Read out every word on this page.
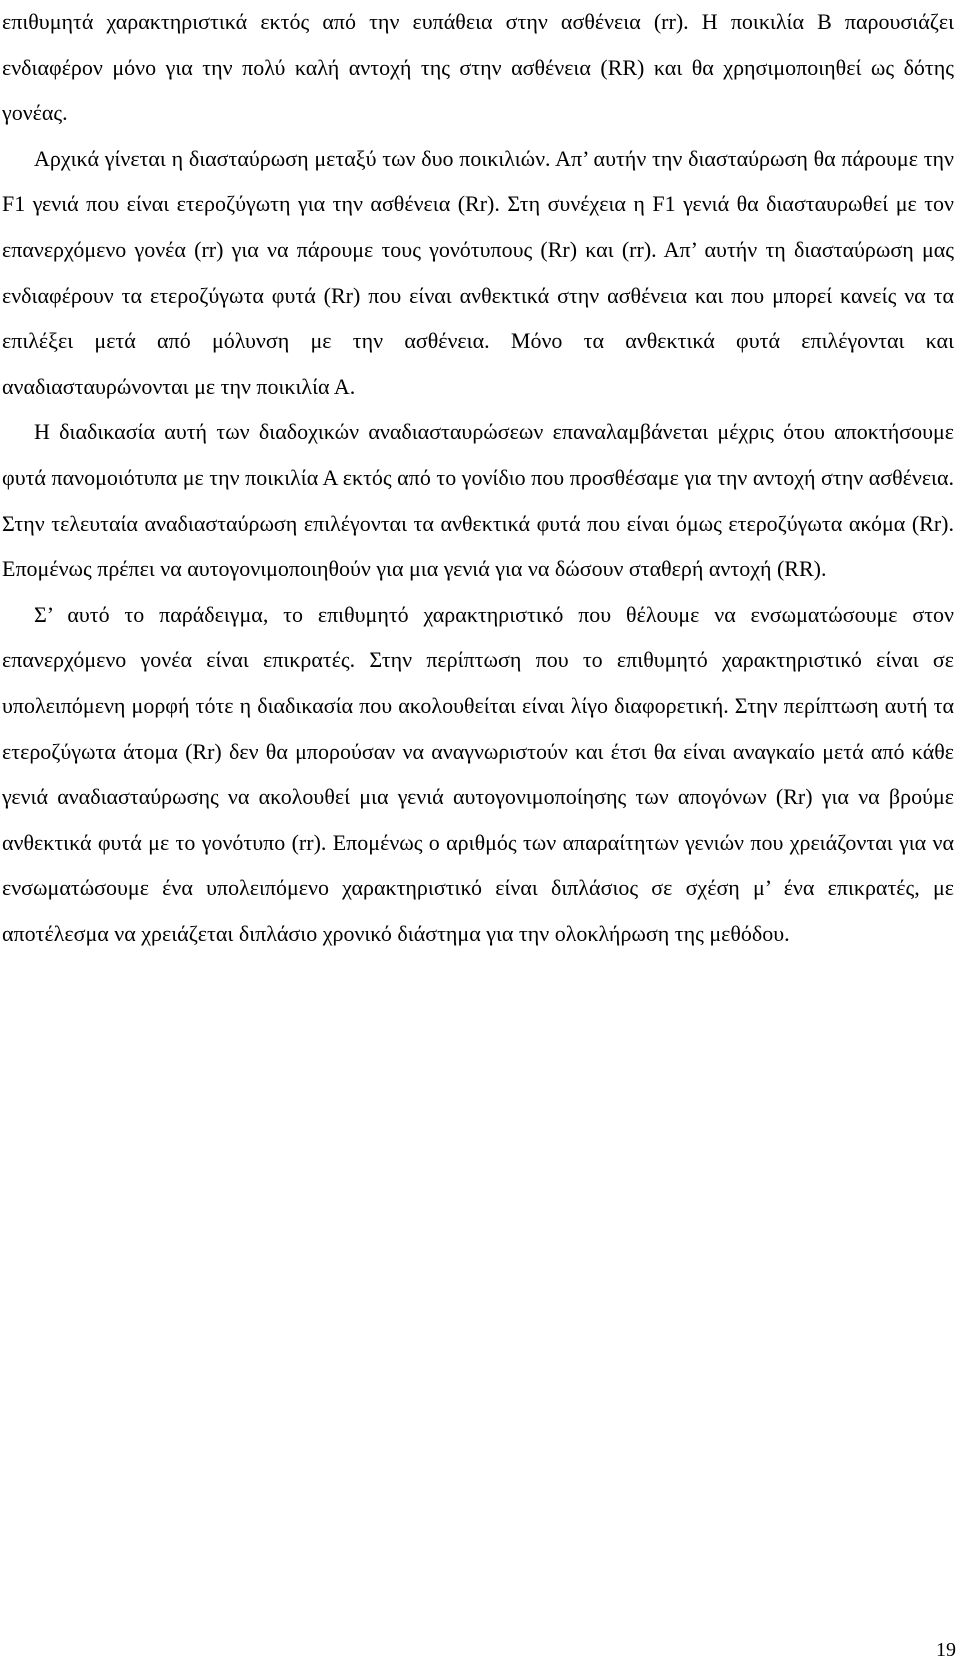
επιθυμητά χαρακτηριστικά εκτός από την ευπάθεια στην ασθένεια (rr). Η ποικιλία Β παρουσιάζει ενδιαφέρον μόνο για την πολύ καλή αντοχή της στην ασθένεια (RR) και θα χρησιμοποιηθεί ως δότης γονέας.

Αρχικά γίνεται η διασταύρωση μεταξύ των δυο ποικιλιών. Απ’ αυτήν την διασταύρωση θα πάρουμε την F1 γενιά που είναι ετεροζύγωτη για την ασθένεια (Rr). Στη συνέχεια η F1 γενιά θα διασταυρωθεί με τον επανερχόμενο γονέα (rr) για να πάρουμε τους γονότυπους (Rr) και (rr). Απ’ αυτήν τη διασταύρωση μας ενδιαφέρουν τα ετεροζύγωτα φυτά (Rr) που είναι ανθεκτικά στην ασθένεια και που μπορεί κανείς να τα επιλέξει μετά από μόλυνση με την ασθένεια. Μόνο τα ανθεκτικά φυτά επιλέγονται και αναδιασταυρώνονται με την ποικιλία Α.

Η διαδικασία αυτή των διαδοχικών αναδιασταυρώσεων επαναλαμβάνεται μέχρις ότου αποκτήσουμε φυτά πανομοιότυπα με την ποικιλία Α εκτός από το γονίδιο που προσθέσαμε για την αντοχή στην ασθένεια. Στην τελευταία αναδιασταύρωση επιλέγονται τα ανθεκτικά φυτά που είναι όμως ετεροζύγωτα ακόμα (Rr). Επομένως πρέπει να αυτογονιμοποιηθούν για μια γενιά για να δώσουν σταθερή αντοχή (RR).

Σ’ αυτό το παράδειγμα, το επιθυμητό χαρακτηριστικό που θέλουμε να ενσωματώσουμε στον επανερχόμενο γονέα είναι επικρατές. Στην περίπτωση που το επιθυμητό χαρακτηριστικό είναι σε υπολειπόμενη μορφή τότε η διαδικασία που ακολουθείται είναι λίγο διαφορετική. Στην περίπτωση αυτή τα ετεροζύγωτα άτομα (Rr) δεν θα μπορούσαν να αναγνωριστούν και έτσι θα είναι αναγκαίο μετά από κάθε γενιά αναδιασταύρωσης να ακολουθεί μια γενιά αυτογονιμοποίησης των απογόνων (Rr) για να βρούμε ανθεκτικά φυτά με το γονότυπο (rr). Επομένως ο αριθμός των απαραίτητων γενιών που χρειάζονται για να ενσωματώσουμε ένα υπολειπόμενο χαρακτηριστικό είναι διπλάσιος σε σχέση μ’ ένα επικρατές, με αποτέλεσμα να χρειάζεται διπλάσιο χρονικό διάστημα για την ολοκλήρωση της μεθόδου.

19
